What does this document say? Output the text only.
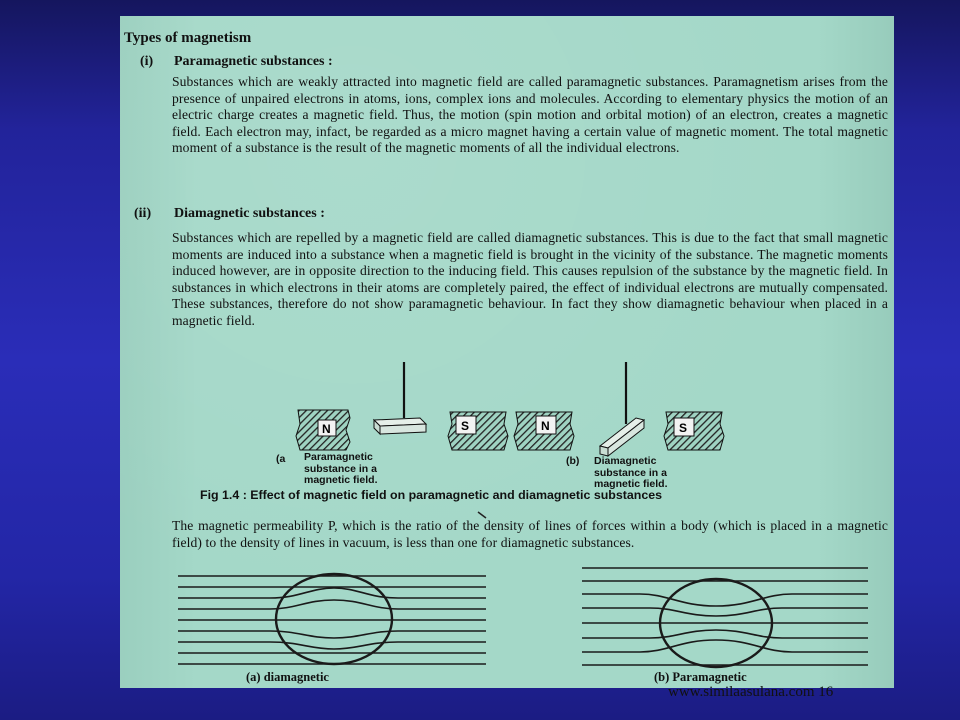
Types of magnetism
(i) Paramagnetic substances :
Substances which are weakly attracted into magnetic field are called paramagnetic substances. Paramagnetism arises from the presence of unpaired electrons in atoms, ions, complex ions and molecules. According to elementary physics the motion of an electric charge creates a magnetic field. Thus, the motion (spin motion and orbital motion) of an electron, creates a magnetic field. Each electron may, infact, be regarded as a micro magnet having a certain value of magnetic moment. The total magnetic moment of a substance is the result of the magnetic moments of all the individual electrons.
(ii) Diamagnetic substances :
Substances which are repelled by a magnetic field are called diamagnetic substances. This is due to the fact that small magnetic moments are induced into a substance when a magnetic field is brought in the vicinity of the substance. The magnetic moments induced however, are in opposite direction to the inducing field. This causes repulsion of the substance by the magnetic field. In substances in which electrons in their atoms are completely paired, the effect of individual electrons are mutually compensated. These substances, therefore do not show paramagnetic behaviour. In fact they show diamagnetic behaviour when placed in a magnetic field.
N	S	N	S
(a Paramagnetic substance in a magnetic field.
(b) Diamagnetic substance in a magnetic field.
Fig 1.4 : Effect of magnetic field on paramagnetic and diamagnetic substances
The magnetic permeability P, which is the ratio of the density of lines of forces within a body (which is placed in a magnetic field) to the density of lines in vacuum, is less than one for diamagnetic substances.
(a) diamagnetic	(b) Paramagnetic
www.similaasulana.com 16
